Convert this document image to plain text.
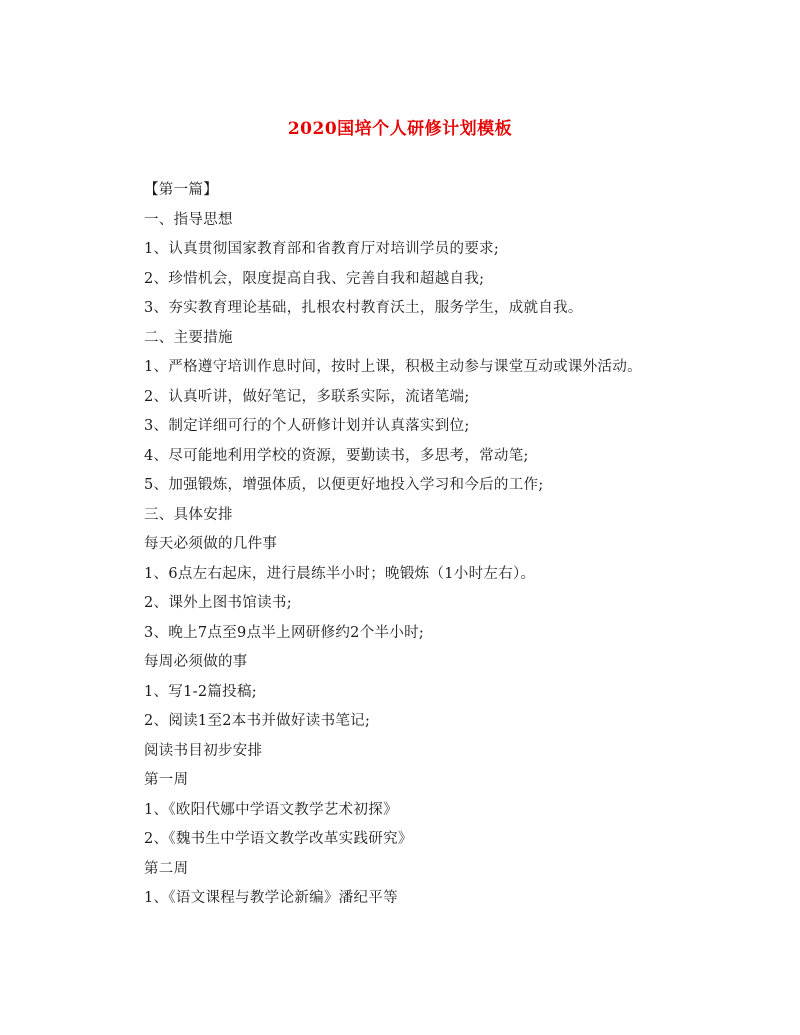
2020国培个人研修计划模板
【第一篇】
一、指导思想
1、认真贯彻国家教育部和省教育厅对培训学员的要求;
2、珍惜机会，限度提高自我、完善自我和超越自我;
3、夯实教育理论基础，扎根农村教育沃土，服务学生，成就自我。
二、主要措施
1、严格遵守培训作息时间，按时上课，积极主动参与课堂互动或课外活动。
2、认真听讲，做好笔记，多联系实际，流诸笔端;
3、制定详细可行的个人研修计划并认真落实到位;
4、尽可能地利用学校的资源，要勤读书，多思考，常动笔;
5、加强锻炼，增强体质，以便更好地投入学习和今后的工作;
三、具体安排
每天必须做的几件事
1、6点左右起床，进行晨练半小时；晚锻炼（1小时左右）。
2、课外上图书馆读书;
3、晚上7点至9点半上网研修约2个半小时;
每周必须做的事
1、写1-2篇投稿;
2、阅读1至2本书并做好读书笔记;
阅读书目初步安排
第一周
1、《欧阳代娜中学语文教学艺术初探》
2、《魏书生中学语文教学改革实践研究》
第二周
1、《语文课程与教学论新编》潘纪平等
